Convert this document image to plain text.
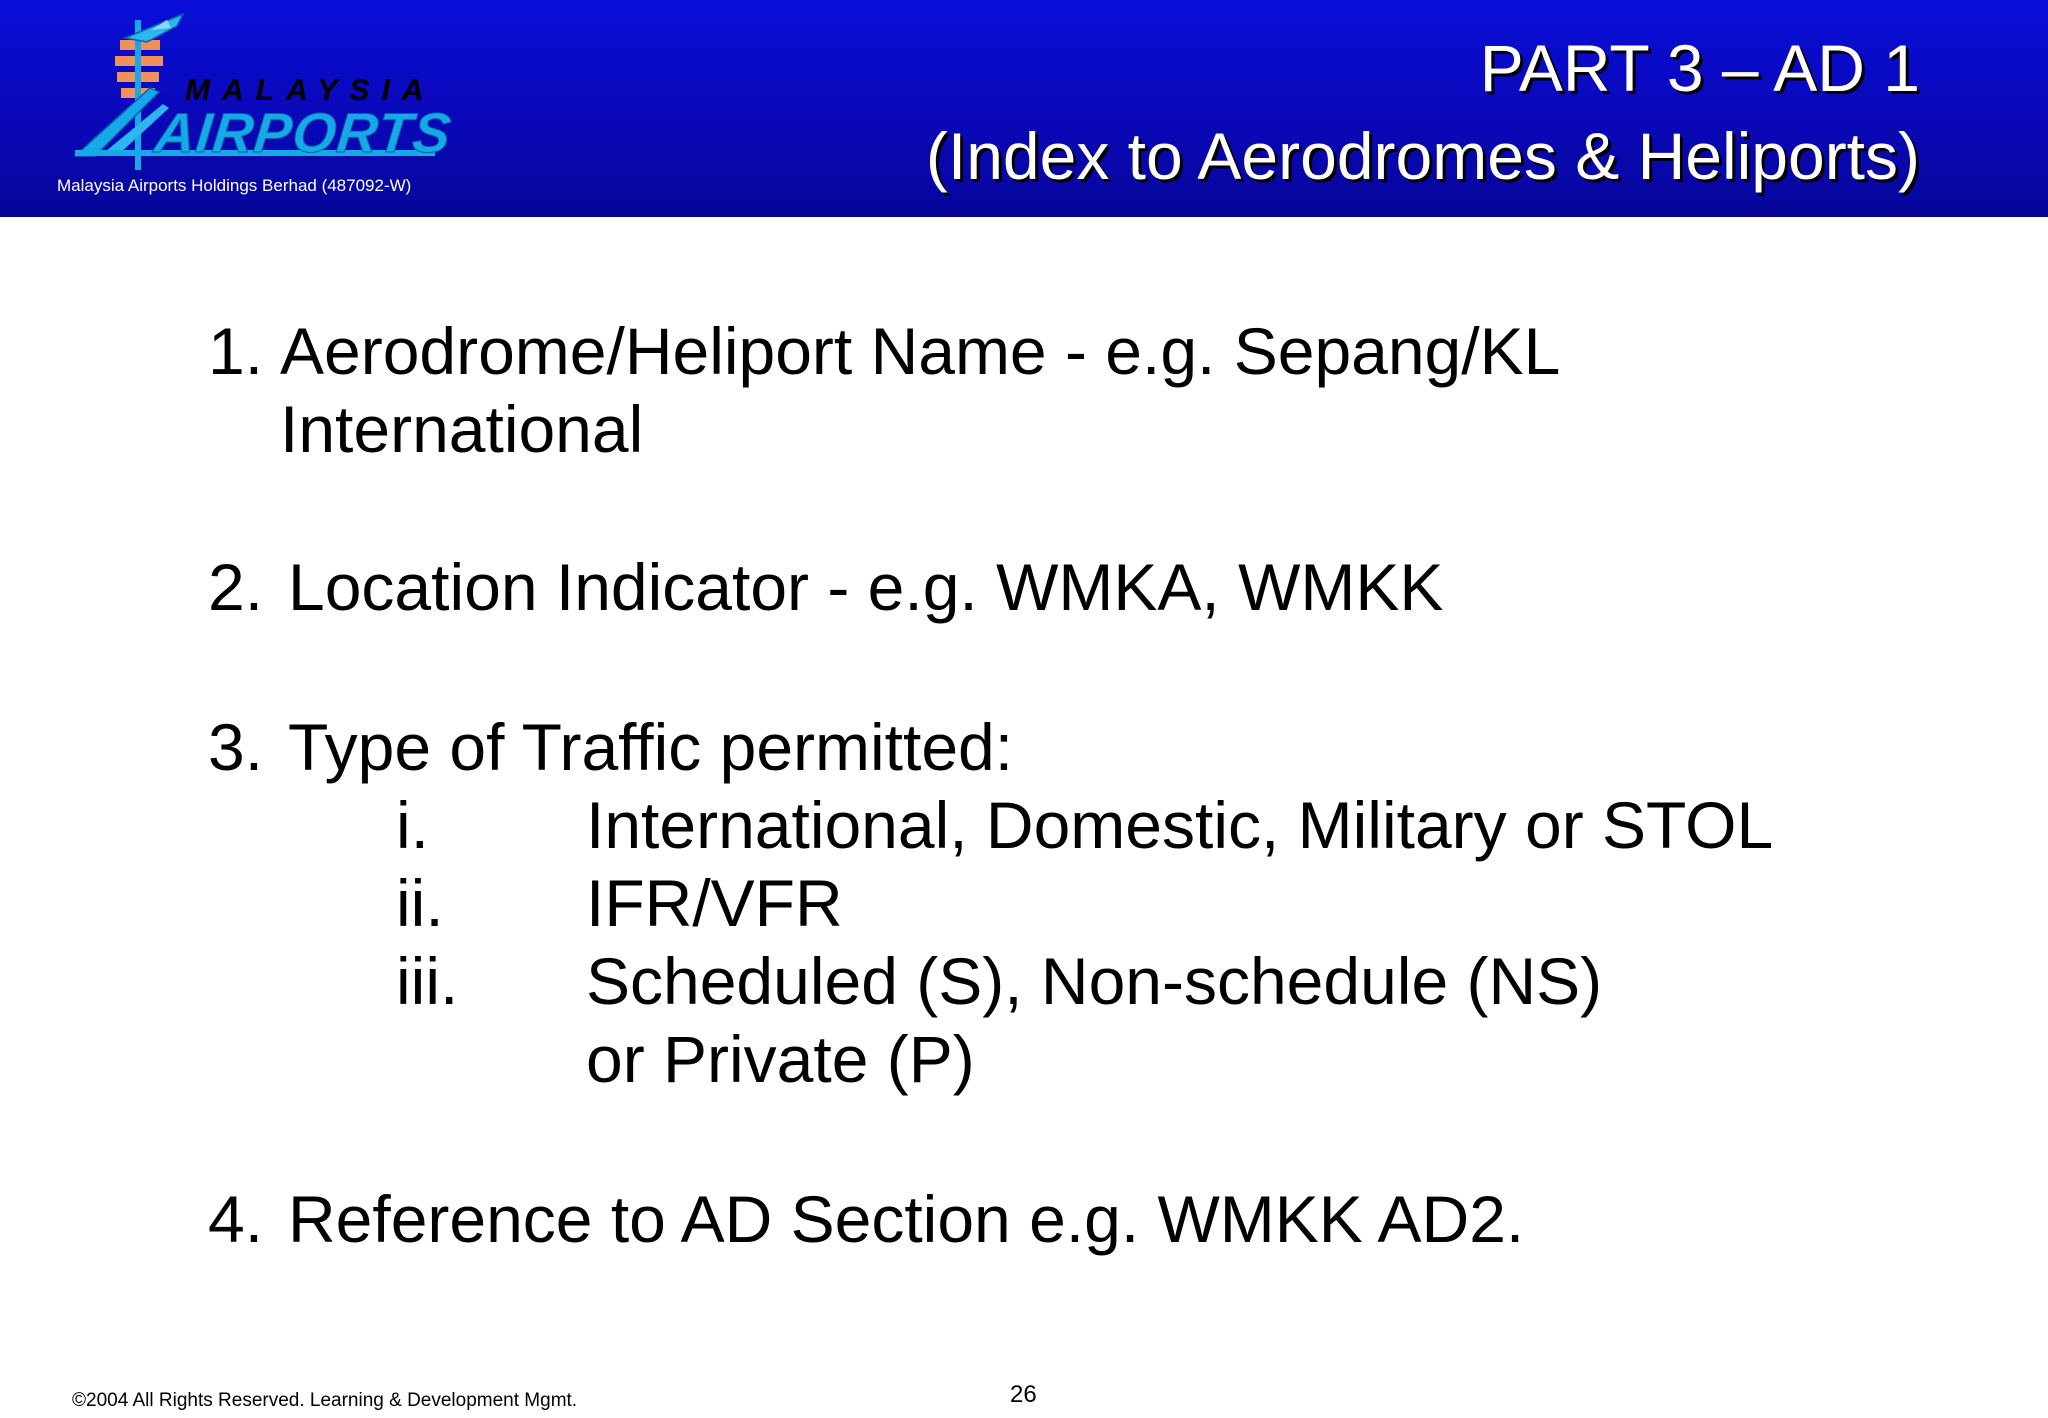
MALAYSIA
AIRPORTS
Malaysia Airports Holdings Berhad (487092-W)
PART 3 – AD 1
(Index to Aerodromes & Heliports)
1. Aerodrome/Heliport Name - e.g. Sepang/KL
International
2. Location Indicator - e.g. WMKA, WMKK
3. Type of Traffic permitted:
i. International, Domestic, Military or STOL
ii. IFR/VFR
iii. Scheduled (S), Non-schedule (NS)
or Private (P)
4. Reference to AD Section e.g. WMKK AD2.
©2004 All Rights Reserved. Learning & Development Mgmt.	26
